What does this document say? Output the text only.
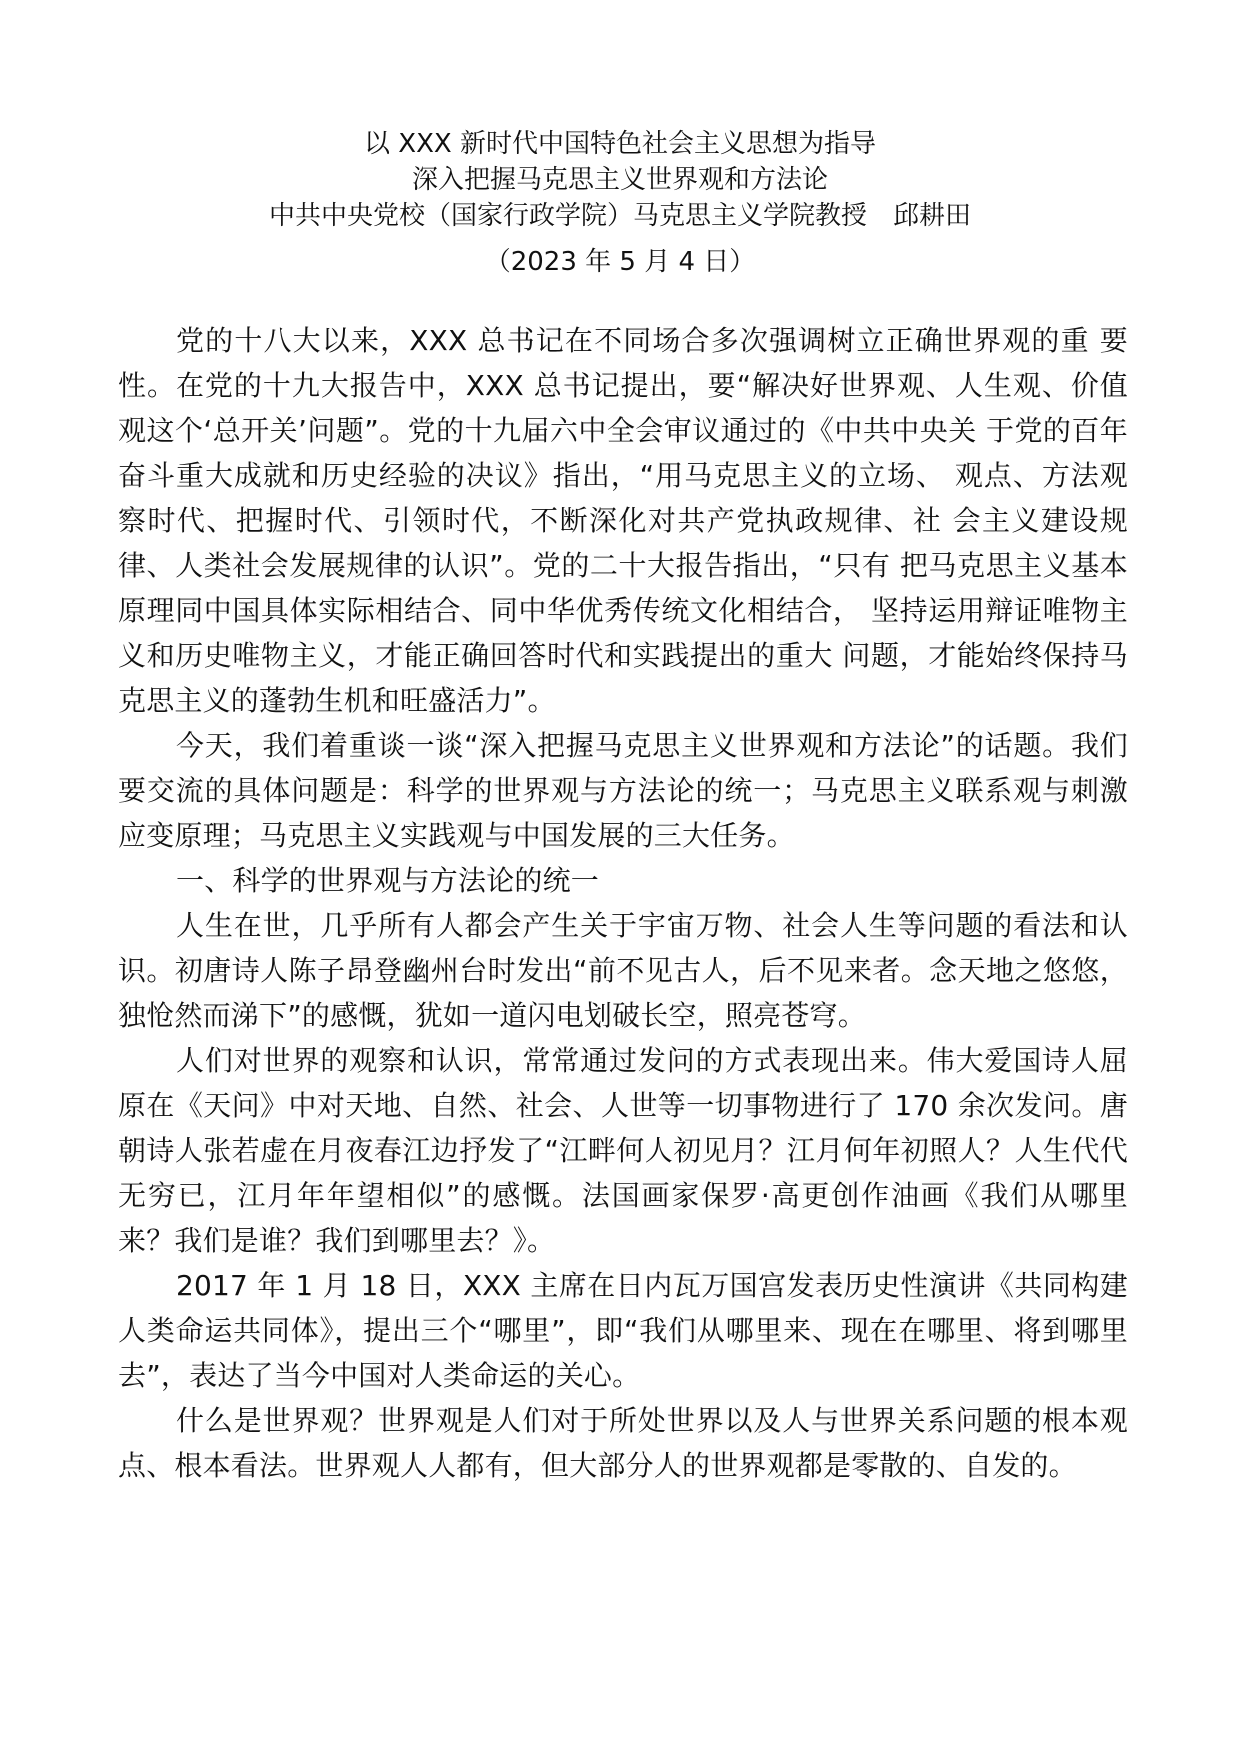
以 XXX 新时代中国特色社会主义思想为指导
深入把握马克思主义世界观和方法论
中共中央党校（国家行政学院）马克思主义学院教授　邱耕田
（2023 年 5 月 4 日）

党的十八大以来，XXX 总书记在不同场合多次强调树立正确世界观的重 要性。在党的十九大报告中，XXX 总书记提出，要“解决好世界观、人生观、价值观这个‘总开关’问题”。党的十九届六中全会审议通过的《中共中央关 于党的百年奋斗重大成就和历史经验的决议》指出，“用马克思主义的立场、 观点、方法观察时代、把握时代、引领时代，不断深化对共产党执政规律、社 会主义建设规律、人类社会发展规律的认识”。党的二十大报告指出，“只有 把马克思主义基本原理同中国具体实际相结合、同中华优秀传统文化相结合， 坚持运用辩证唯物主义和历史唯物主义，才能正确回答时代和实践提出的重大 问题，才能始终保持马克思主义的蓬勃生机和旺盛活力”。

今天，我们着重谈一谈“深入把握马克思主义世界观和方法论”的话题。我们要交流的具体问题是：科学的世界观与方法论的统一；马克思主义联系观与刺激应变原理；马克思主义实践观与中国发展的三大任务。

一、科学的世界观与方法论的统一

人生在世，几乎所有人都会产生关于宇宙万物、社会人生等问题的看法和认识。初唐诗人陈子昂登幽州台时发出“前不见古人，后不见来者。念天地之悠悠，独怆然而涕下”的感慨，犹如一道闪电划破长空，照亮苍穹。

人们对世界的观察和认识，常常通过发问的方式表现出来。伟大爱国诗人屈原在《天问》中对天地、自然、社会、人世等一切事物进行了 170 余次发问。唐朝诗人张若虚在月夜春江边抒发了“江畔何人初见月？江月何年初照人？人生代代无穷已，江月年年望相似”的感慨。法国画家保罗·高更创作油画《我们从哪里来？我们是谁？我们到哪里去？》。

2017 年 1 月 18 日，XXX 主席在日内瓦万国宫发表历史性演讲《共同构建人类命运共同体》，提出三个“哪里”，即“我们从哪里来、现在在哪里、将到哪里去”，表达了当今中国对人类命运的关心。

什么是世界观？世界观是人们对于所处世界以及人与世界关系问题的根本观点、根本看法。世界观人人都有，但大部分人的世界观都是零散的、自发的。
